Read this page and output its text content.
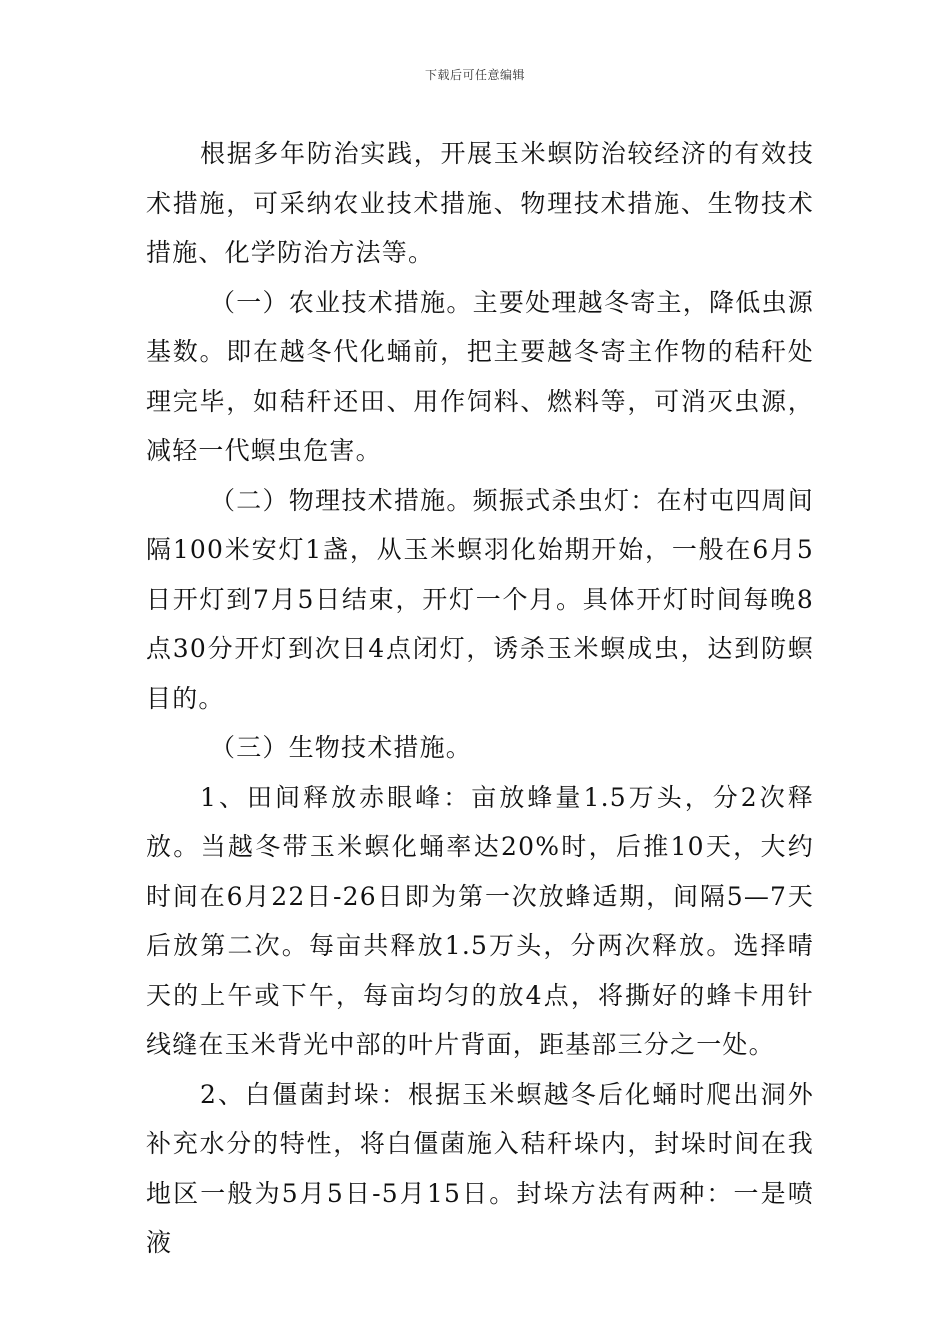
下载后可任意编辑

根据多年防治实践，开展玉米螟防治较经济的有效技术措施，可采纳农业技术措施、物理技术措施、生物技术措施、化学防治方法等。

（一）农业技术措施。主要处理越冬寄主，降低虫源基数。即在越冬代化蛹前，把主要越冬寄主作物的秸秆处理完毕，如秸秆还田、用作饲料、燃料等，可消灭虫源，减轻一代螟虫危害。

（二）物理技术措施。频振式杀虫灯：在村屯四周间隔100米安灯1盏，从玉米螟羽化始期开始，一般在6月5日开灯到7月5日结束，开灯一个月。具体开灯时间每晚8点30分开灯到次日4点闭灯，诱杀玉米螟成虫，达到防螟目的。

（三）生物技术措施。

1、田间释放赤眼峰：亩放蜂量1.5万头，分2次释放。当越冬带玉米螟化蛹率达20%时，后推10天，大约时间在6月22日-26日即为第一次放蜂适期，间隔5—7天后放第二次。每亩共释放1.5万头，分两次释放。选择晴天的上午或下午，每亩均匀的放4点，将撕好的蜂卡用针线缝在玉米背光中部的叶片背面，距基部三分之一处。

2、白僵菌封垛：根据玉米螟越冬后化蛹时爬出洞外补充水分的特性，将白僵菌施入秸秆垛内，封垛时间在我地区一般为5月5日-5月15日。封垛方法有两种：一是喷液
